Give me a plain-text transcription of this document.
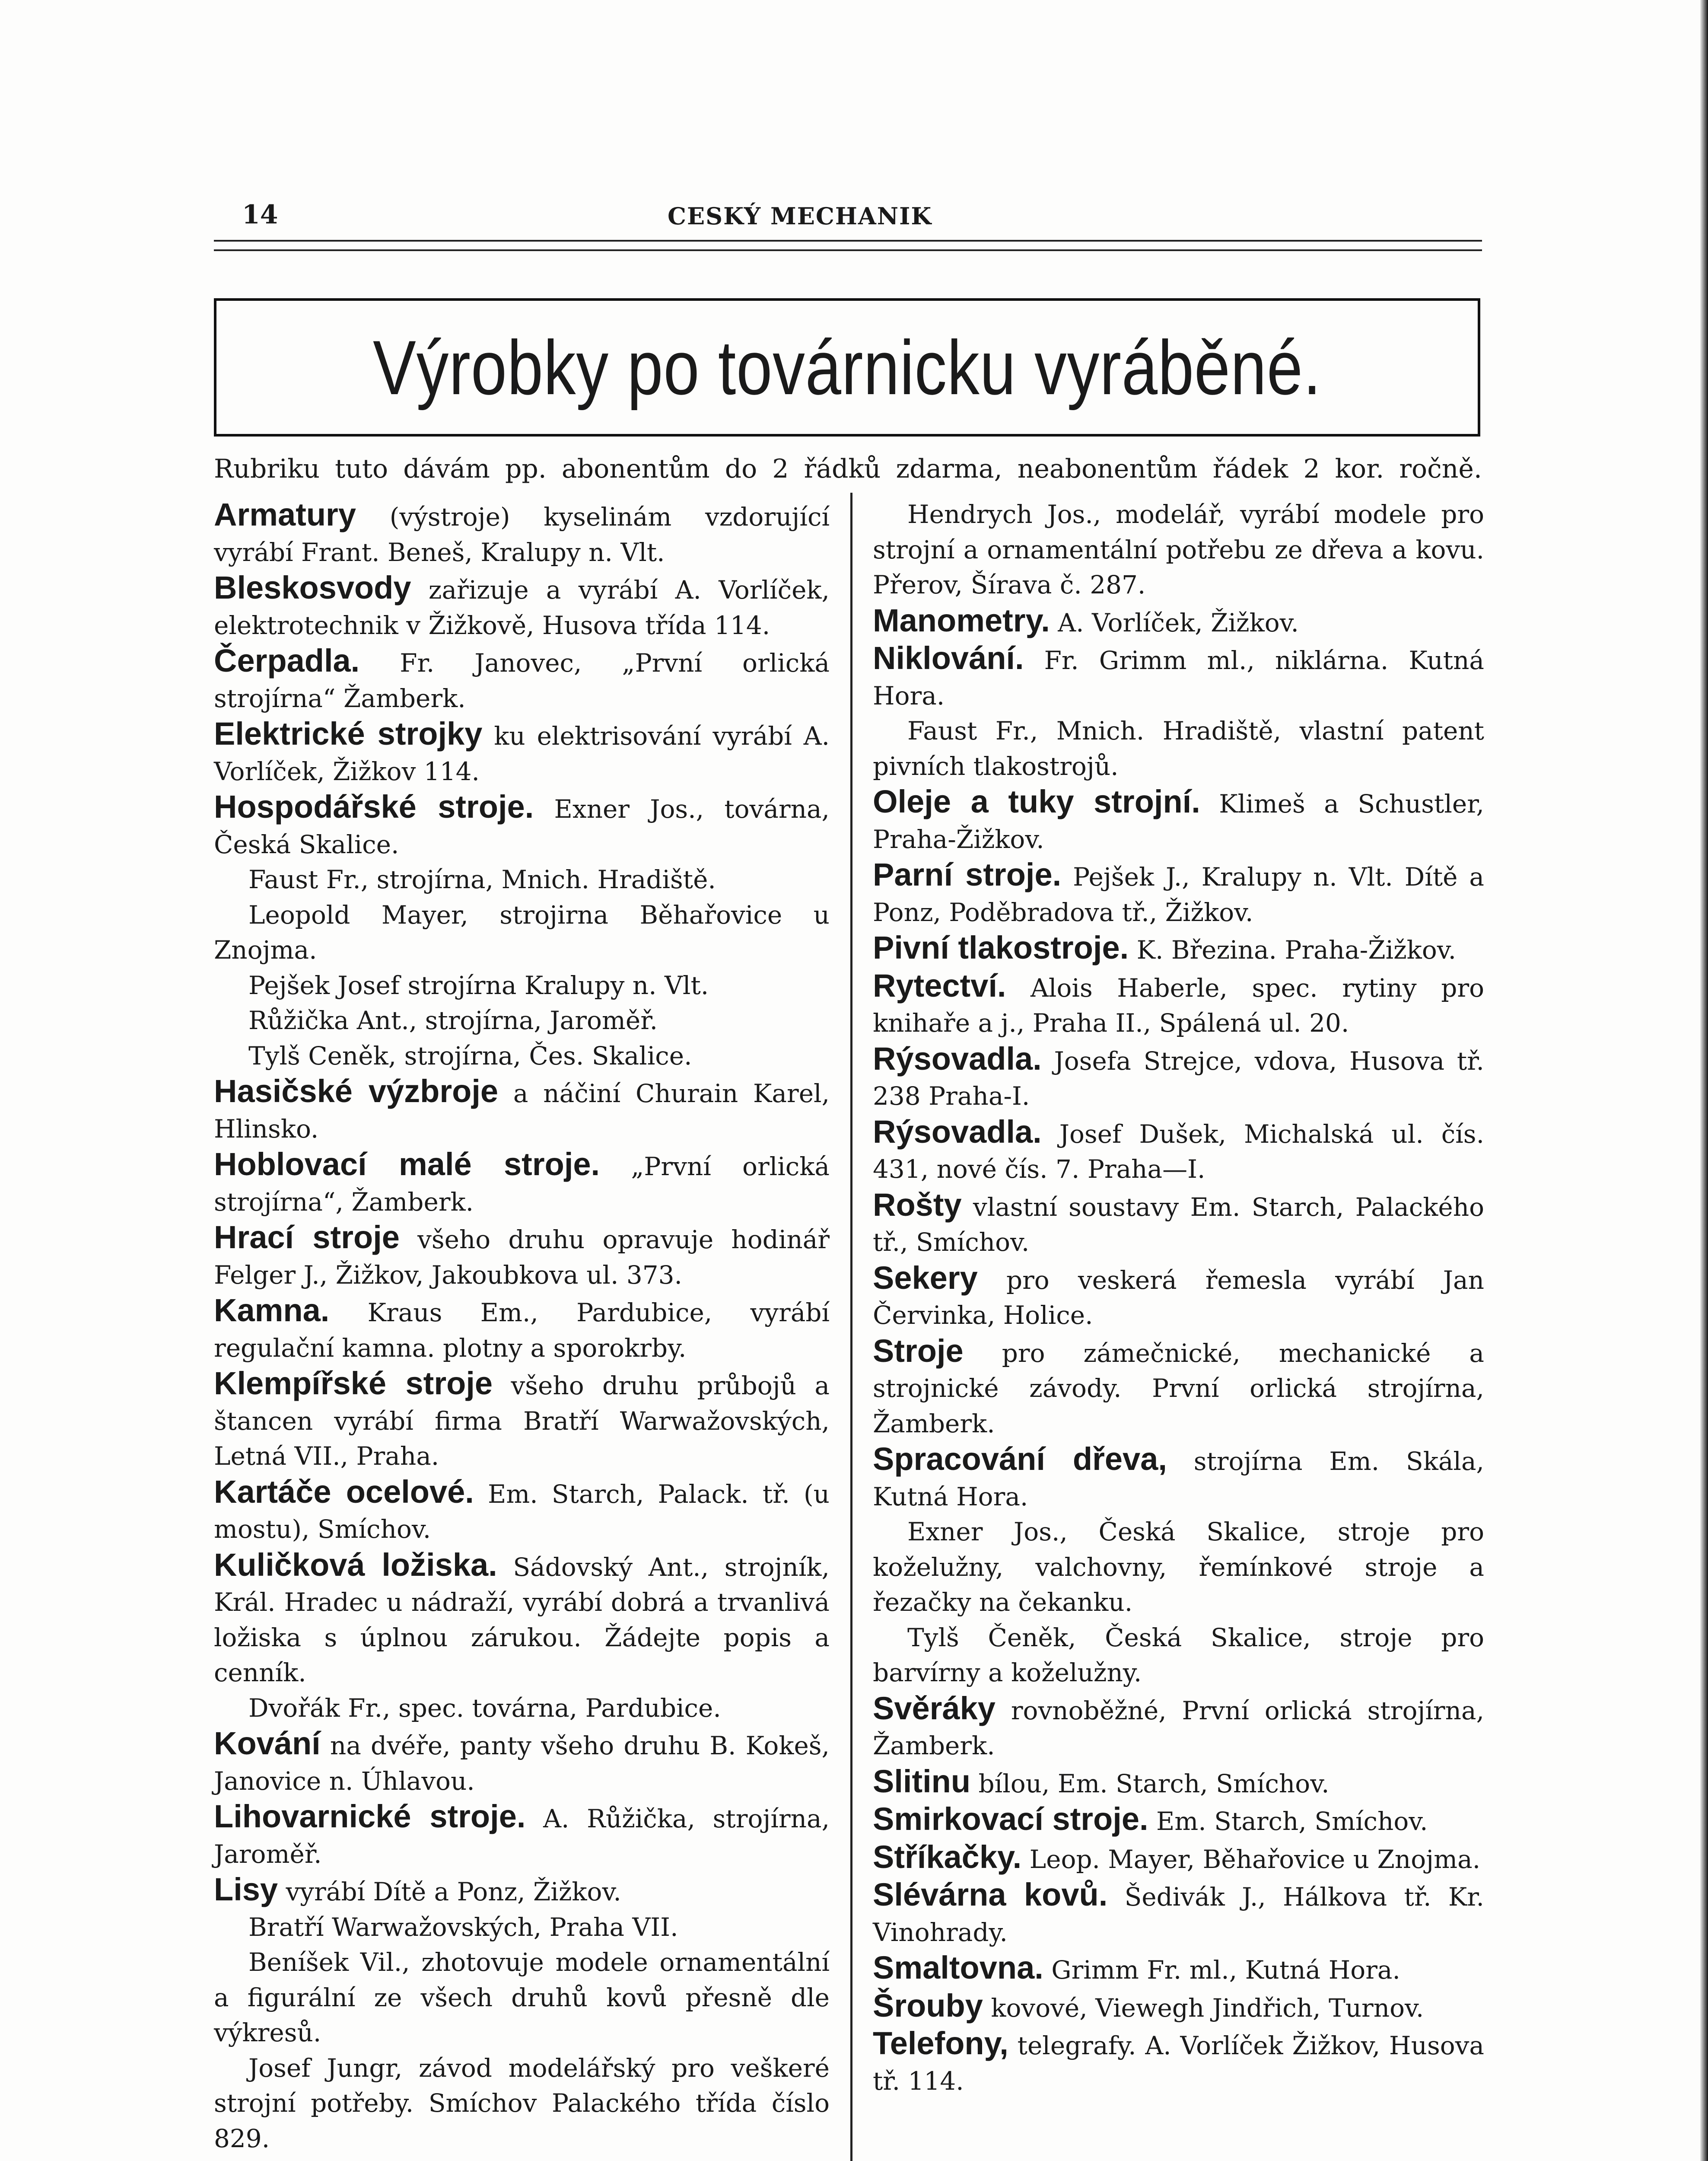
14	CESKÝ MECHANIK
Výrobky po továrnicku vyráběné.
Rubriku tuto dávám pp. abonentům do 2 řádků zdarma, neabonentům řádek 2 kor. ročně.

Armatury (výstroje) kyselinám vzdorující vyrábí Frant. Beneš, Kralupy n. Vlt.

Bleskosvody zařizuje a vyrábí A. Vorlíček, elektrotechnik v Žižkově, Husova třída 114.

Čerpadla. Fr. Janovec, „První orlická strojírna“ Žamberk.

Elektrické strojky ku elektrisování vyrábí A. Vorlíček, Žižkov 114.

Hospodářské stroje. Exner Jos., továrna, Česká Skalice.

Faust Fr., strojírna, Mnich. Hradiště.

Leopold Mayer, strojirna Běhařovice u Znojma.

Pejšek Josef strojírna Kralupy n. Vlt.

Růžička Ant., strojírna, Jaroměř.

Tylš Ceněk, strojírna, Čes. Skalice.

Hasičské výzbroje a náčiní Churain Karel, Hlinsko.

Hoblovací malé stroje. „První orlická strojírna“, Žamberk.

Hrací stroje všeho druhu opravuje hodinář Felger J., Žižkov, Jakoubkova ul. 373.

Kamna. Kraus Em., Pardubice, vyrábí regulační kamna. plotny a sporokrby.

Klempířské stroje všeho druhu průbojů a štancen vyrábí firma Bratří Warwažovských, Letná VII., Praha.

Kartáče ocelové. Em. Starch, Palack. tř. (u mostu), Smíchov.

Kuličková ložiska. Sádovský Ant., strojník, Král. Hradec u nádraží, vyrábí dobrá a trvanlivá ložiska s úplnou zárukou. Žádejte popis a cenník.

Dvořák Fr., spec. továrna, Pardubice.

Kování na dvéře, panty všeho druhu B. Kokeš, Janovice n. Úhlavou.

Lihovarnické stroje. A. Růžička, strojírna, Jaroměř.

Lisy vyrábí Dítě a Ponz, Žižkov.

Bratří Warwažovských, Praha VII.

Beníšek Vil., zhotovuje modele ornamentální a figurální ze všech druhů kovů přesně dle výkresů.

Josef Jungr, závod modelářský pro veškeré strojní potřeby. Smíchov Palackého třída číslo 829.

Hendrych Jos., modelář, vyrábí modele pro strojní a ornamentální potřebu ze dřeva a kovu. Přerov, Šírava č. 287.

Manometry. A. Vorlíček, Žižkov.

Niklování. Fr. Grimm ml., niklárna. Kutná Hora.

Faust Fr., Mnich. Hradiště, vlastní patent pivních tlakostrojů.

Oleje a tuky strojní. Klimeš a Schustler, Praha-Žižkov.

Parní stroje. Pejšek J., Kralupy n. Vlt. Dítě a Ponz, Poděbradova tř., Žižkov.

Pivní tlakostroje. K. Březina. Praha-Žižkov.

Rytectví. Alois Haberle, spec. rytiny pro knihaře a j., Praha II., Spálená ul. 20.

Rýsovadla. Josefa Strejce, vdova, Husova tř. 238 Praha-I.

Rýsovadla. Josef Dušek, Michalská ul. čís. 431, nové čís. 7. Praha—I.

Rošty vlastní soustavy Em. Starch, Palackého tř., Smíchov.

Sekery pro veskerá řemesla vyrábí Jan Červinka, Holice.

Stroje pro zámečnické, mechanické a strojnické závody. První orlická strojírna, Žamberk.

Spracování dřeva, strojírna Em. Skála, Kutná Hora.

Exner Jos., Česká Skalice, stroje pro koželužny, valchovny, řemínkové stroje a řezačky na čekanku.

Tylš Čeněk, Česká Skalice, stroje pro barvírny a koželužny.

Svěráky rovnoběžné, První orlická strojírna, Žamberk.

Slitinu bílou, Em. Starch, Smíchov.

Smirkovací stroje. Em. Starch, Smíchov.

Stříkačky. Leop. Mayer, Běhařovice u Znojma.

Slévárna kovů. Šedivák J., Hálkova tř. Kr. Vinohrady.

Smaltovna. Grimm Fr. ml., Kutná Hora.

Šrouby kovové, Viewegh Jindřich, Turnov.

Telefony, telegrafy. A. Vorlíček Žižkov, Husova tř. 114.
